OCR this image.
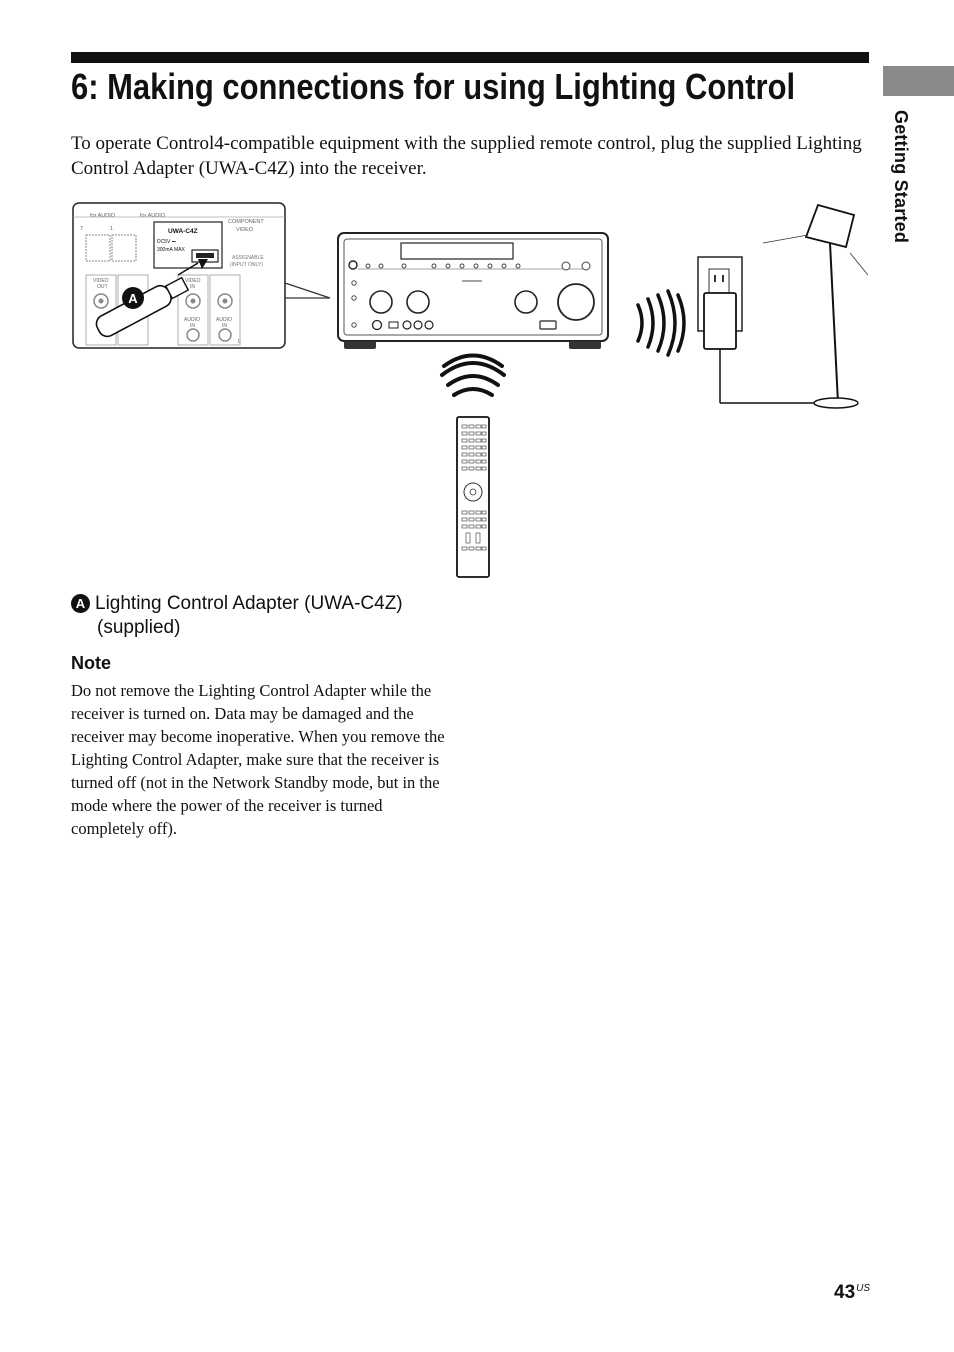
Getting Started
6: Making connections for using Lighting Control

To operate Control4-compatible equipment with the supplied remote control, plug the supplied Lighting Control Adapter (UWA-C4Z) into the receiver.

for AUDIO	for AUDIO
7	1	UWA-C4Z
DC5V ⎓
300mA MAX
COMPONENT
VIDEO
ASSIGNABLE
(INPUT ONLY)
VIDEO
OUT
VIDEO
IN
AUDIO
IN
AUDIO
IN
L
A
A Lighting Control Adapter (UWA-C4Z)
(supplied)
Note

Do not remove the Lighting Control Adapter while the receiver is turned on. Data may be damaged and the receiver may become inoperative. When you remove the Lighting Control Adapter, make sure that the receiver is turned off (not in the Network Standby mode, but in the mode where the power of the receiver is turned completely off).

$43^{US}$
